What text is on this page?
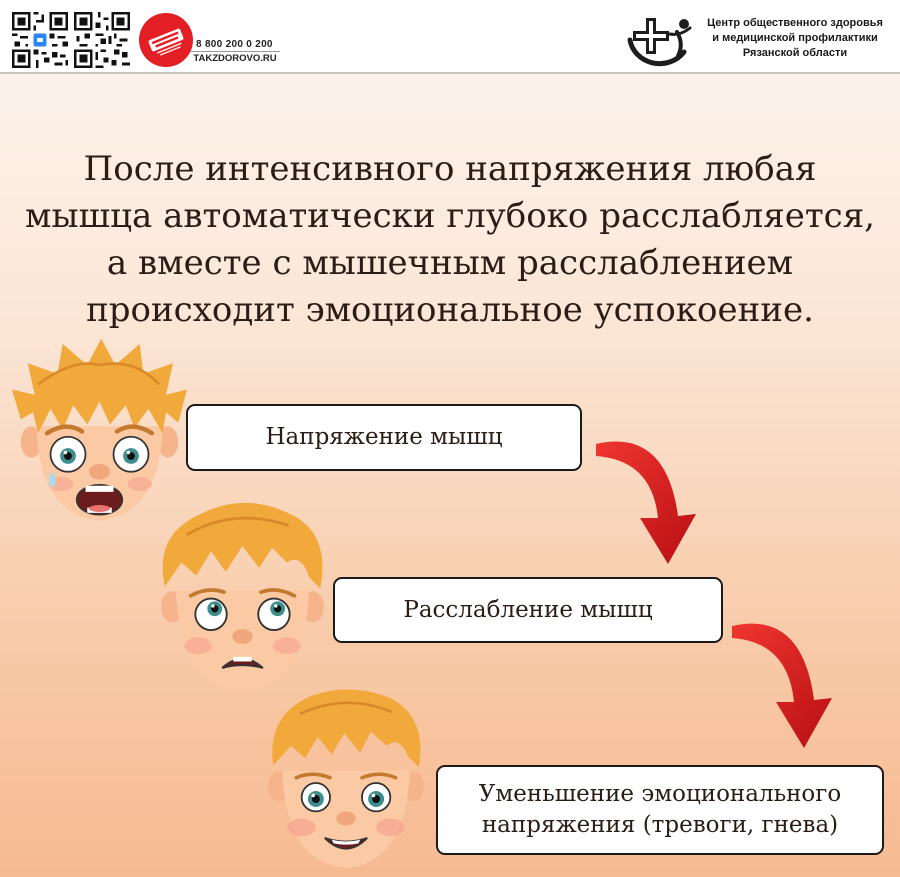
8 800 200 0 200
TAKZDOROVO.RU
Центр общественного здоровья
и медицинской профилактики
Рязанской области
После интенсивного напряжения любая
мышца автоматически глубоко расслабляется,
а вместе с мышечным расслаблением
происходит эмоциональное успокоение.
Напряжение мышц
Расслабление мышц
Уменьшение эмоционального
напряжения (тревоги, гнева)
